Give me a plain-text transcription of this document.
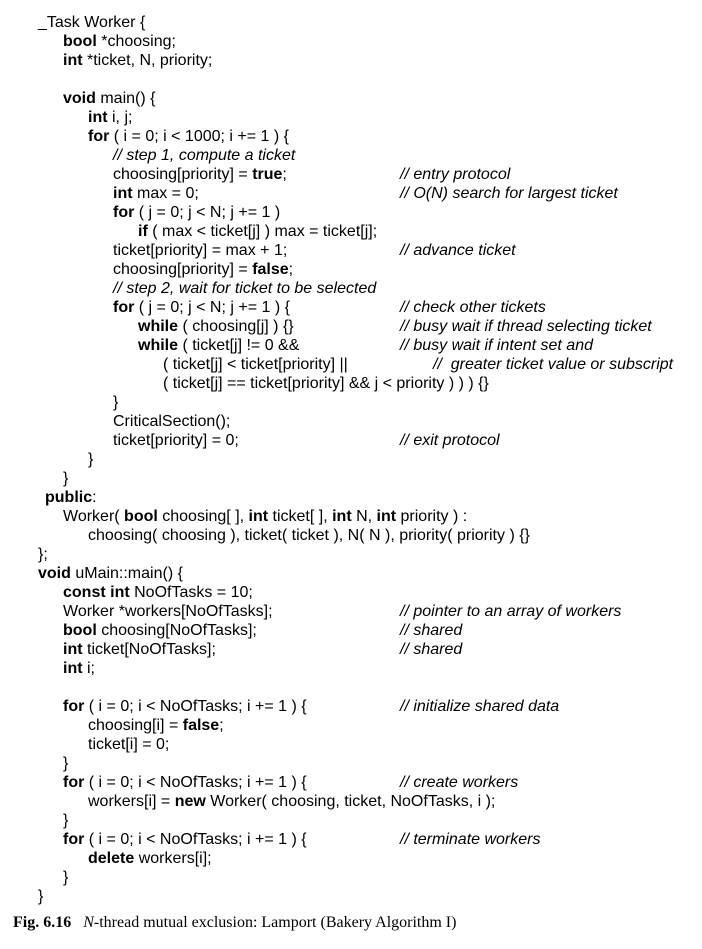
_Task Worker {
bool *choosing;
int *ticket, N, priority;
void main() {
int i, j;
for ( i = 0; i < 1000; i += 1 ) {
// step 1, compute a ticket
choosing[priority] = true;	// entry protocol
int max = 0;	// O(N) search for largest ticket
for ( j = 0; j < N; j += 1 )
if ( max < ticket[j] ) max = ticket[j];
ticket[priority] = max + 1;	// advance ticket
choosing[priority] = false;
// step 2, wait for ticket to be selected
for ( j = 0; j < N; j += 1 ) {	// check other tickets
while ( choosing[j] ) {}	// busy wait if thread selecting ticket
while ( ticket[j] != 0 &&	// busy wait if intent set and
( ticket[j] < ticket[priority] ||	//  greater ticket value or subscript
( ticket[j] == ticket[priority] && j < priority ) ) ) {}
}
CriticalSection();
ticket[priority] = 0;	// exit protocol
}
}
public:
Worker( bool choosing[ ], int ticket[ ], int N, int priority ) :
choosing( choosing ), ticket( ticket ), N( N ), priority( priority ) {}
};
void uMain::main() {
const int NoOfTasks = 10;
Worker *workers[NoOfTasks];	// pointer to an array of workers
bool choosing[NoOfTasks];	// shared
int ticket[NoOfTasks];	// shared
int i;
for ( i = 0; i < NoOfTasks; i += 1 ) {	// initialize shared data
choosing[i] = false;
ticket[i] = 0;
}
for ( i = 0; i < NoOfTasks; i += 1 ) {	// create workers
workers[i] = new Worker( choosing, ticket, NoOfTasks, i );
}
for ( i = 0; i < NoOfTasks; i += 1 ) {	// terminate workers
delete workers[i];
}
}
Fig. 6.16 N-thread mutual exclusion: Lamport (Bakery Algorithm I)
